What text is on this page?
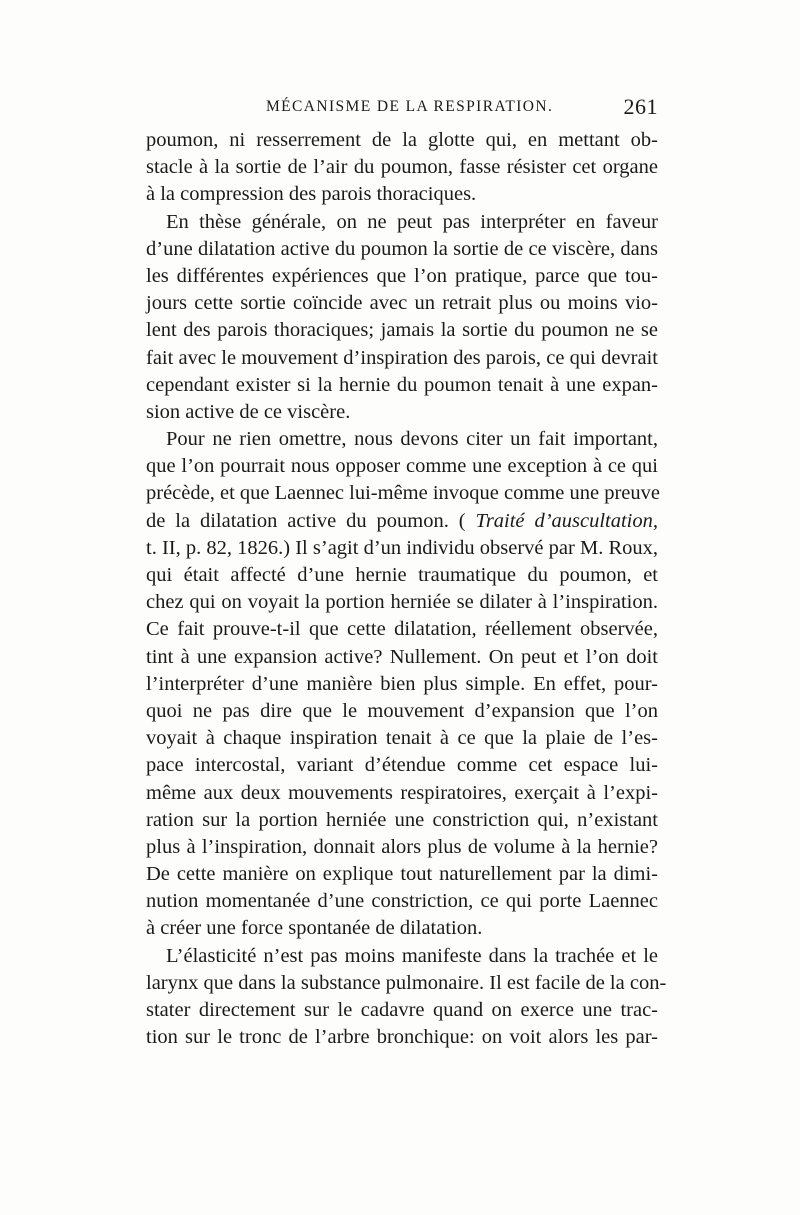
MÉCANISME DE LA RESPIRATION.	261
poumon, ni resserrement de la glotte qui, en mettant ob-
stacle à la sortie de l’air du poumon, fasse résister cet organe
à la compression des parois thoraciques.
En thèse générale, on ne peut pas interpréter en faveur
d’une dilatation active du poumon la sortie de ce viscère, dans
les différentes expériences que l’on pratique, parce que tou-
jours cette sortie coïncide avec un retrait plus ou moins vio-
lent des parois thoraciques; jamais la sortie du poumon ne se
fait avec le mouvement d’inspiration des parois, ce qui devrait
cependant exister si la hernie du poumon tenait à une expan-
sion active de ce viscère.
Pour ne rien omettre, nous devons citer un fait important,
que l’on pourrait nous opposer comme une exception à ce qui
précède, et que Laennec lui-même invoque comme une preuve
de la dilatation active du poumon. ( Traité d’auscultation,
t. II, p. 82, 1826.) Il s’agit d’un individu observé par M. Roux,
qui était affecté d’une hernie traumatique du poumon, et
chez qui on voyait la portion herniée se dilater à l’inspiration.
Ce fait prouve-t-il que cette dilatation, réellement observée,
tint à une expansion active? Nullement. On peut et l’on doit
l’interpréter d’une manière bien plus simple. En effet, pour-
quoi ne pas dire que le mouvement d’expansion que l’on
voyait à chaque inspiration tenait à ce que la plaie de l’es-
pace intercostal, variant d’étendue comme cet espace lui-
même aux deux mouvements respiratoires, exerçait à l’expi-
ration sur la portion herniée une constriction qui, n’existant
plus à l’inspiration, donnait alors plus de volume à la hernie?
De cette manière on explique tout naturellement par la dimi-
nution momentanée d’une constriction, ce qui porte Laennec
à créer une force spontanée de dilatation.
L’élasticité n’est pas moins manifeste dans la trachée et le
larynx que dans la substance pulmonaire. Il est facile de la con-
stater directement sur le cadavre quand on exerce une trac-
tion sur le tronc de l’arbre bronchique: on voit alors les par-
